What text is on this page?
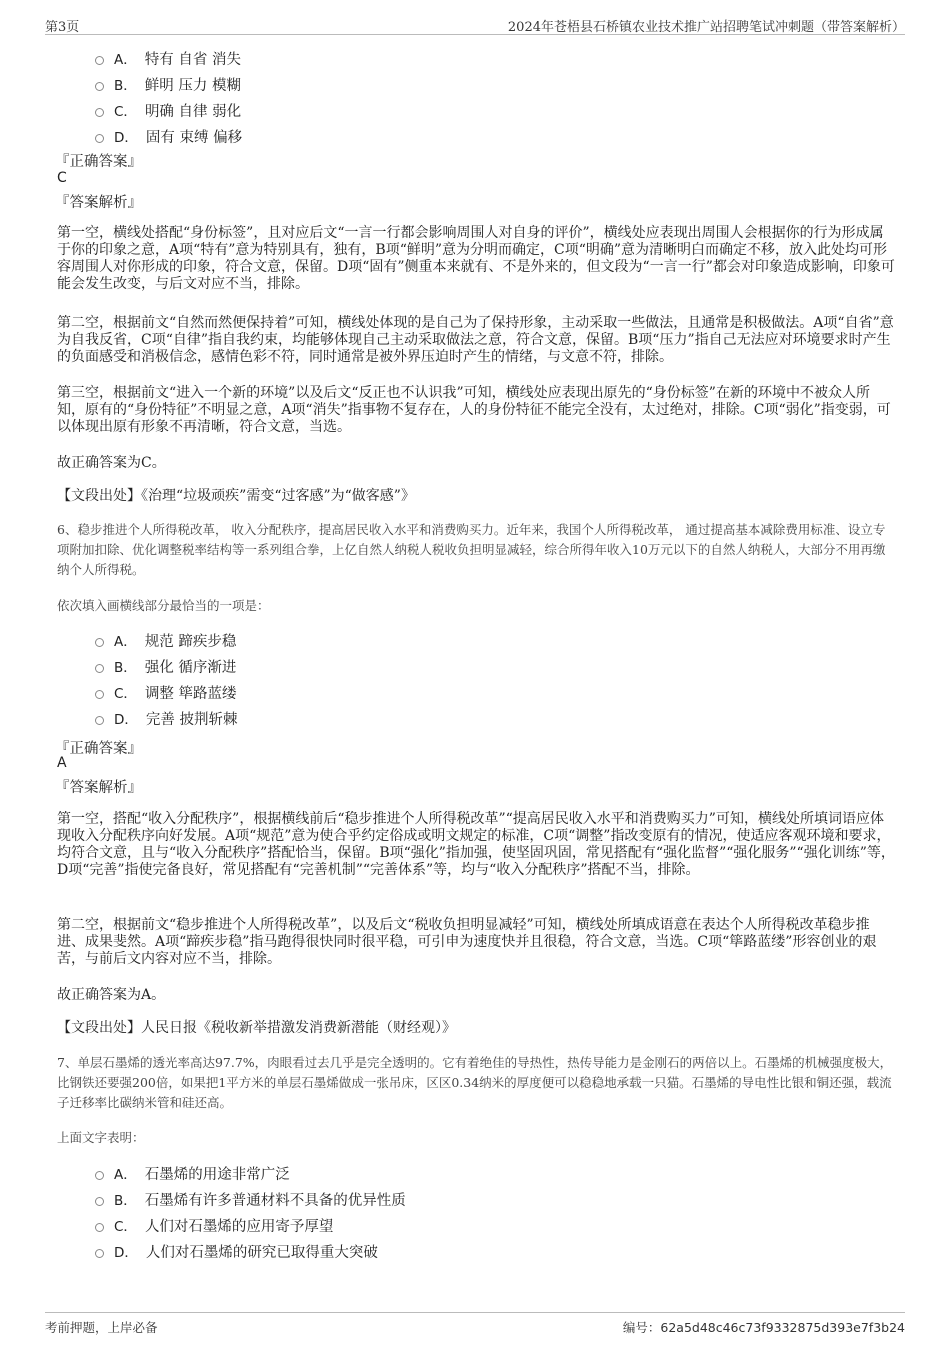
第3页	2024年苍梧县石桥镇农业技术推广站招聘笔试冲刺题（带答案解析）
A． 特有 自省 消失
B． 鲜明 压力 模糊
C． 明确 自律 弱化
D． 固有 束缚 偏移
『正确答案』
C
『答案解析』
第一空，横线处搭配“身份标签”，且对应后文“一言一行都会影响周围人对自身的评价”，横线处应表现出周围人会根据你的行为形成属于你的印象之意，A项“特有”意为特别具有，独有，B项“鲜明”意为分明而确定，C项“明确”意为清晰明白而确定不移，放入此处均可形容周围人对你形成的印象，符合文意，保留。D项“固有”侧重本来就有、不是外来的，但文段为“一言一行”都会对印象造成影响，印象可能会发生改变，与后文对应不当，排除。
第二空，根据前文“自然而然便保持着”可知，横线处体现的是自己为了保持形象，主动采取一些做法，且通常是积极做法。A项“自省”意为自我反省，C项“自律”指自我约束，均能够体现自己主动采取做法之意，符合文意，保留。B项“压力”指自己无法应对环境要求时产生的负面感受和消极信念，感情色彩不符，同时通常是被外界压迫时产生的情绪，与文意不符，排除。
第三空，根据前文“进入一个新的环境”以及后文“反正也不认识我”可知，横线处应表现出原先的“身份标签”在新的环境中不被众人所知，原有的“身份特征”不明显之意，A项“消失”指事物不复存在，人的身份特征不能完全没有，太过绝对，排除。C项“弱化”指变弱，可以体现出原有形象不再清晰，符合文意，当选。
故正确答案为C。
【文段出处】《治理“垃圾顽疾”需变“过客感”为“做客感”》
6、稳步推进个人所得税改革， 收入分配秩序，提高居民收入水平和消费购买力。近年来，我国个人所得税改革， 通过提高基本减除费用标准、设立专项附加扣除、优化调整税率结构等一系列组合拳，上亿自然人纳税人税收负担明显减轻，综合所得年收入10万元以下的自然人纳税人，大部分不用再缴纳个人所得税。
依次填入画横线部分最恰当的一项是：
A． 规范 蹄疾步稳
B． 强化 循序渐进
C． 调整 筚路蓝缕
D． 完善 披荆斩棘
『正确答案』
A
『答案解析』
第一空，搭配“收入分配秩序”，根据横线前后“稳步推进个人所得税改革”“提高居民收入水平和消费购买力”可知，横线处所填词语应体现收入分配秩序向好发展。A项“规范”意为使合乎约定俗成或明文规定的标准，C项“调整”指改变原有的情况，使适应客观环境和要求，均符合文意，且与“收入分配秩序”搭配恰当，保留。B项“强化”指加强，使坚固巩固，常见搭配有“强化监督”“强化服务”“强化训练”等，D项“完善”指使完备良好，常见搭配有“完善机制”“完善体系”等，均与“收入分配秩序”搭配不当，排除。
第二空，根据前文“稳步推进个人所得税改革”，以及后文“税收负担明显减轻”可知，横线处所填成语意在表达个人所得税改革稳步推进、成果斐然。A项“蹄疾步稳”指马跑得很快同时很平稳，可引申为速度快并且很稳，符合文意，当选。C项“筚路蓝缕”形容创业的艰苦，与前后文内容对应不当，排除。
故正确答案为A。
【文段出处】人民日报《税收新举措激发消费新潜能（财经观）》
7、单层石墨烯的透光率高达97.7%，肉眼看过去几乎是完全透明的。它有着绝佳的导热性，热传导能力是金刚石的两倍以上。石墨烯的机械强度极大，比钢铁还要强200倍，如果把1平方米的单层石墨烯做成一张吊床，区区0.34纳米的厚度便可以稳稳地承载一只猫。石墨烯的导电性比银和铜还强，载流子迁移率比碳纳米管和硅还高。
上面文字表明：
A． 石墨烯的用途非常广泛
B． 石墨烯有许多普通材料不具备的优异性质
C． 人们对石墨烯的应用寄予厚望
D． 人们对石墨烯的研究已取得重大突破
考前押题，上岸必备	编号：62a5d48c46c73f9332875d393e7f3b24
